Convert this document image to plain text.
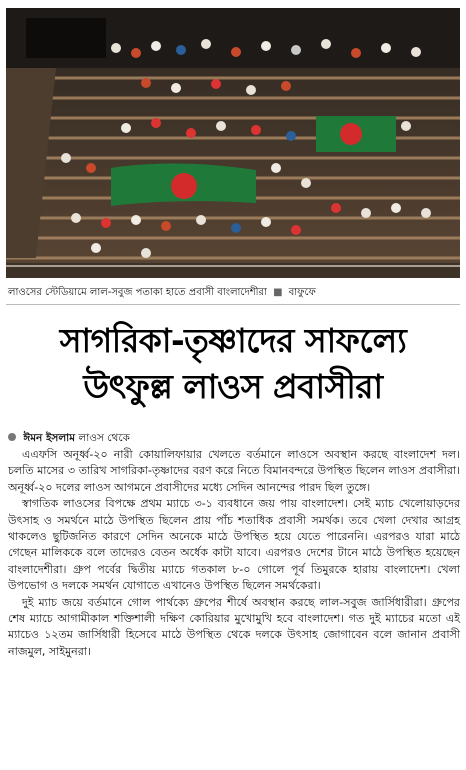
লাওসের স্টেডিয়ামে লাল-সবুজ পতাকা হাতে প্রবাসী বাংলাদেশীরা ■ বাফুফে
সাগরিকা-তৃষ্ণাদের সাফল্যে
উৎফুল্ল লাওস প্রবাসীরা
ঈমন ইসলাম লাওস থেকে

এএফসি অনূর্ধ্ব-২০ নারী কোয়ালিফায়ার খেলতে বর্তমানে লাওসে অবস্থান করছে বাংলাদেশ দল। চলতি মাসের ৩ তারিখ সাগরিকা-তৃষ্ণাদের বরণ করে নিতে বিমানবন্দরে উপস্থিত ছিলেন লাওস প্রবাসীরা। অনূর্ধ্ব-২০ দলের লাওস আগমনে প্রবাসীদের মধ্যে সেদিন আনন্দের পারদ ছিল তুঙ্গে।

স্বাগতিক লাওসের বিপক্ষে প্রথম ম্যাচে ৩-১ ব্যবধানে জয় পায় বাংলাদেশ। সেই ম্যাচ খেলোয়াড়দের উৎসাহ ও সমর্থনে মাঠে উপস্থিত ছিলেন প্রায় পাঁচ শতাধিক প্রবাসী সমর্থক। তবে খেলা দেখার আগ্রহ থাকলেও ছুটিজনিত কারণে সেদিন অনেকে মাঠে উপস্থিত হয়ে যেতে পারেননি। এরপরও যারা মাঠে গেছেন মালিককে বলে তাদেরও বেতন অর্ধেক কাটা যাবে। এরপরও দেশের টানে মাঠে উপস্থিত হয়েছেন বাংলাদেশীরা। গ্রুপ পর্বের দ্বিতীয় ম্যাচে গতকাল ৮-০ গোলে পূর্ব তিমুরকে হারায় বাংলাদেশ। খেলা উপভোগ ও দলকে সমর্থন যোগাতে এখানেও উপস্থিত ছিলেন সমর্থকেরা।

দুই ম্যাচ জয়ে বর্তমানে গোল পার্থক্যে গ্রুপের শীর্ষে অবস্থান করছে লাল-সবুজ জার্সিধারীরা। গ্রুপের শেষ ম্যাচে আগামীকাল শক্তিশালী দক্ষিণ কোরিয়ার মুখোমুখি হবে বাংলাদেশ। গত দুই ম্যাচের মতো এই ম্যাচেও ১২তম জার্সিধারী হিসেবে মাঠে উপস্থিত থেকে দলকে উৎসাহ জোগাবেন বলে জানান প্রবাসী নাজমুল, সাইমুনরা।
